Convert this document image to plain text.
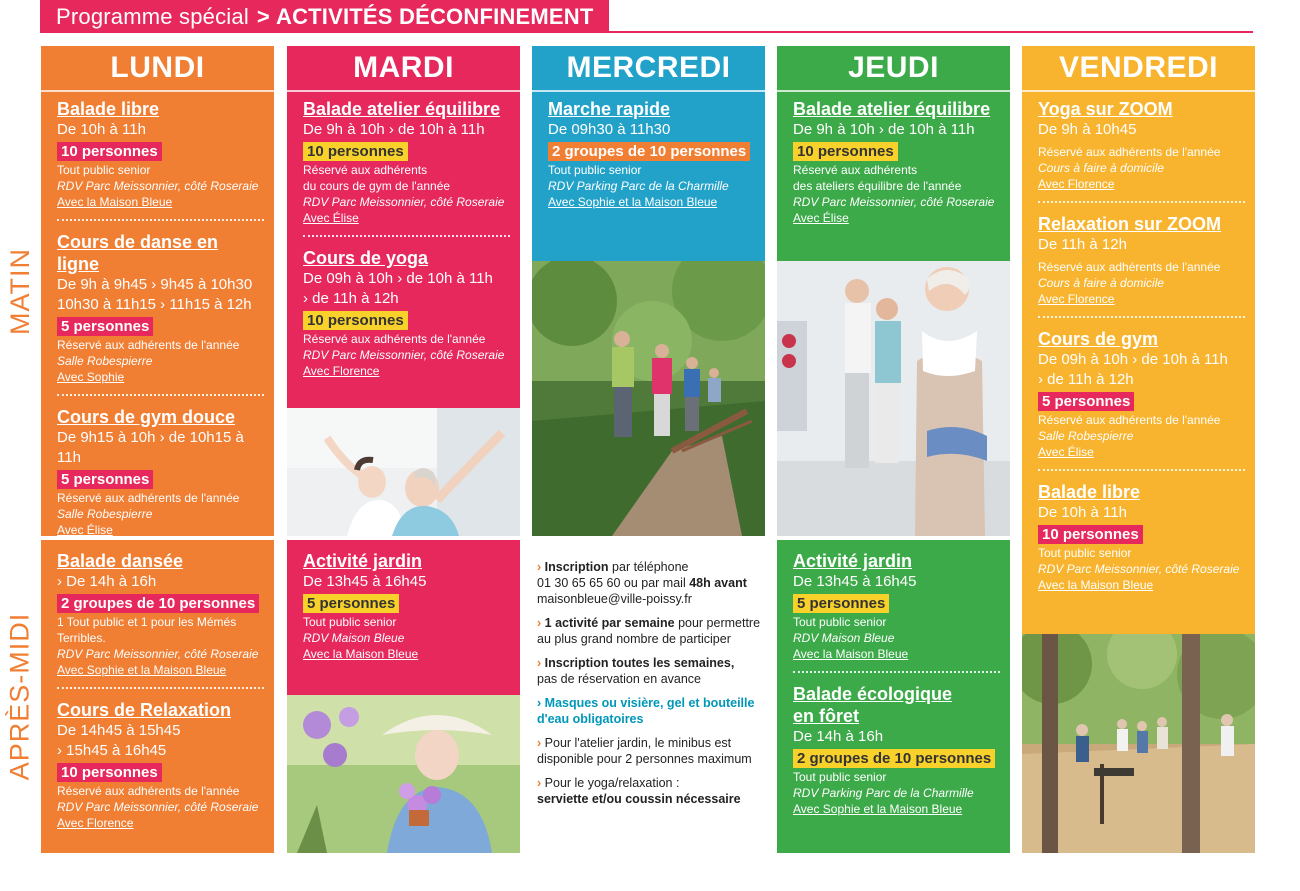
Programme spécial > ACTIVITÉS DÉCONFINEMENT
MATIN
APRÈS-MIDI
LUNDI
Balade libre
De 10h à 11h
10 personnes
Tout public senior
RDV Parc Meissonnier, côté Roseraie
Avec la Maison Bleue
Cours de danse en ligne
De 9h à 9h45 › 9h45 à 10h30
10h30 à 11h15 › 11h15 à 12h
5 personnes
Réservé aux adhérents de l'année
Salle Robespierre
Avec Sophie
Cours de gym douce
De 9h15 à 10h › de 10h15 à 11h
5 personnes
Réservé aux adhérents de l'année
Salle Robespierre
Avec Élise
Balade dansée
› De 14h à 16h
2 groupes de 10 personnes
1 Tout public et 1 pour les Mémés
Terribles.
RDV Parc Meissonnier, côté Roseraie
Avec Sophie et la Maison Bleue
Cours de Relaxation
De 14h45 à 15h45
› 15h45 à 16h45
10 personnes
Réservé aux adhérents de l'année
RDV Parc Meissonnier, côté Roseraie
Avec Florence
MARDI
Balade atelier équilibre
De 9h à 10h › de 10h à 11h
10 personnes
Réservé aux adhérents
du cours de gym de l'année
RDV Parc Meissonnier, côté Roseraie
Avec Élise
Cours de yoga
De 09h à 10h › de 10h à 11h
› de 11h à 12h
10 personnes
Réservé aux adhérents de l'année
RDV Parc Meissonnier, côté Roseraie
Avec Florence
Activité jardin
De 13h45 à 16h45
5 personnes
Tout public senior
RDV Maison Bleue
Avec la Maison Bleue
MERCREDI
Marche rapide
De 09h30 à 11h30
2 groupes de 10 personnes
Tout public senior
RDV Parking Parc de la Charmille
Avec Sophie et la Maison Bleue

› Inscription par téléphone
01 30 65 65 60 ou par mail 48h avant
maisonbleue@ville-poissy.fr

› 1 activité par semaine pour permettre
au plus grand nombre de participer

› Inscription toutes les semaines,
pas de réservation en avance

› Masques ou visière, gel et bouteille d'eau obligatoires

› Pour l'atelier jardin, le minibus est disponible pour 2 personnes maximum

› Pour le yoga/relaxation :
serviette et/ou coussin nécessaire

JEUDI
Balade atelier équilibre
De 9h à 10h › de 10h à 11h
10 personnes
Réservé aux adhérents
des ateliers équilibre de l'année
RDV Parc Meissonnier, côté Roseraie
Avec Élise
Activité jardin
De 13h45 à 16h45
5 personnes
Tout public senior
RDV Maison Bleue
Avec la Maison Bleue
Balade écologique en fôret
De 14h à 16h
2 groupes de 10 personnes
Tout public senior
RDV Parking Parc de la Charmille
Avec Sophie et la Maison Bleue
VENDREDI
Yoga sur ZOOM
De 9h à 10h45
Réservé aux adhérents de l'année
Cours à faire à domicile
Avec Florence
Relaxation sur ZOOM
De 11h à 12h
Réservé aux adhérents de l'année
Cours à faire à domicile
Avec Florence
Cours de gym
De 09h à 10h › de 10h à 11h
› de 11h à 12h
5 personnes
Réservé aux adhérents de l'année
Salle Robespierre
Avec Élise
Balade libre
De 10h à 11h
10 personnes
Tout public senior
RDV Parc Meissonnier, côté Roseraie
Avec la Maison Bleue
